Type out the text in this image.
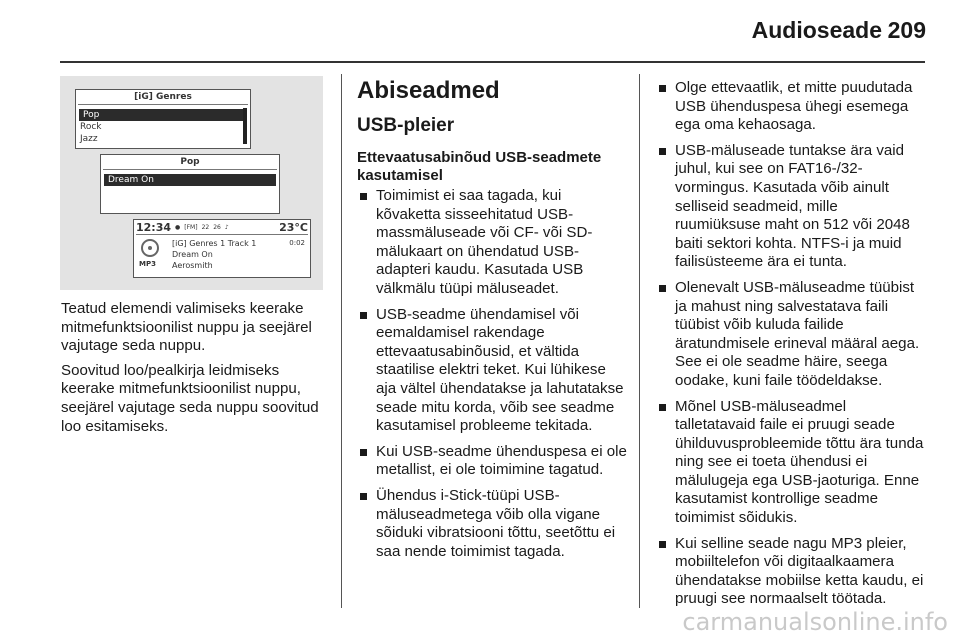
Audioseade 209
[iG] Genres
Pop
Rock
Jazz
Pop
Dream On
12:34 ● [FM] 22 26 ♪	23°C
MP3
[iG] Genres 1 Track 1	0:02
Dream On
Aerosmith

Teatud elemendi valimiseks keerake mitmefunktsioonilist nuppu ja seejärel vajutage seda nuppu.

Soovitud loo/pealkirja leidmiseks keerake mitmefunktsioonilist nuppu, seejärel vajutage seda nuppu soovitud loo esitamiseks.

Abiseadmed
USB-pleier
Ettevaatusabinõud USB-seadmete kasutamisel
Toimimist ei saa tagada, kui kõvaketta sisseehitatud USB-massmäluseade või CF- või SD-mälukaart on ühendatud USB-adapteri kaudu. Kasutada USB välkmälu tüüpi mäluseadet.
USB-seadme ühendamisel või eemaldamisel rakendage ettevaatusabinõusid, et vältida staatilise elektri teket. Kui lühikese aja vältel ühendatakse ja lahutatakse seade mitu korda, võib see seadme kasutamisel probleeme tekitada.
Kui USB-seadme ühenduspesa ei ole metallist, ei ole toimimine tagatud.
Ühendus i-Stick-tüüpi USB-mäluseadmetega võib olla vigane sõiduki vibratsiooni tõttu, seetõttu ei saa nende toimimist tagada.
Olge ettevaatlik, et mitte puudutada USB ühenduspesa ühegi esemega ega oma kehaosaga.
USB-mäluseade tuntakse ära vaid juhul, kui see on FAT16-/32-vormingus. Kasutada võib ainult selliseid seadmeid, mille ruumiüksuse maht on 512 või 2048 baiti sektori kohta. NTFS-i ja muid failisüsteeme ära ei tunta.
Olenevalt USB-mäluseadme tüübist ja mahust ning salvestatava faili tüübist võib kuluda failide äratundmisele erineval määral aega. See ei ole seadme häire, seega oodake, kuni faile töödeldakse.
Mõnel USB-mäluseadmel talletatavaid faile ei pruugi seade ühilduvusprobleemide tõttu ära tunda ning see ei toeta ühendusi ei mälulugeja ega USB-jaoturiga. Enne kasutamist kontrollige seadme toimimist sõidukis.
Kui selline seade nagu MP3 pleier, mobiiltelefon või digitaalkaamera ühendatakse mobiilse ketta kaudu, ei pruugi see normaalselt töötada.
carmanualsonline.info
